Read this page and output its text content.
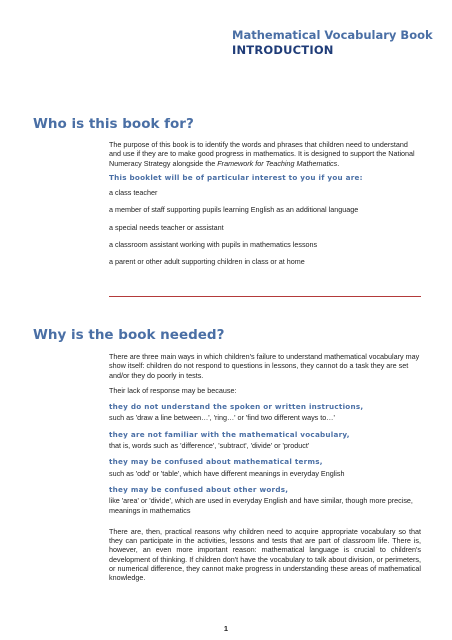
Mathematical Vocabulary Book
INTRODUCTION
Who is this book for?

The purpose of this book is to identify the words and phrases that children need to understand and use if they are to make good progress in mathematics. It is designed to support the National Numeracy Strategy alongside the Framework for Teaching Mathematics.

This booklet will be of particular interest to you if you are:

a class teacher

a member of staff supporting pupils learning English as an additional language

a special needs teacher or assistant

a classroom assistant working with pupils in mathematics lessons

a parent or other adult supporting children in class or at home

Why is the book needed?

There are three main ways in which children's failure to understand mathematical vocabulary may show itself: children do not respond to questions in lessons, they cannot do a task they are set and/or they do poorly in tests.

Their lack of response may be because:

they do not understand the spoken or written instructions,

such as 'draw a line between…', 'ring…' or 'find two different ways to…'

they are not familiar with the mathematical vocabulary,

that is, words such as 'difference', 'subtract', 'divide' or 'product'

they may be confused about mathematical terms,

such as 'odd' or 'table', which have different meanings in everyday English

they may be confused about other words,

like 'area' or 'divide', which are used in everyday English and have similar, though more precise, meanings in mathematics

There are, then, practical reasons why children need to acquire appropriate vocabulary so that they can participate in the activities, lessons and tests that are part of classroom life. There is, however, an even more important reason: mathematical language is crucial to children's development of thinking. If children don't have the vocabulary to talk about division, or perimeters, or numerical difference, they cannot make progress in understanding these areas of mathematical knowledge.

1
